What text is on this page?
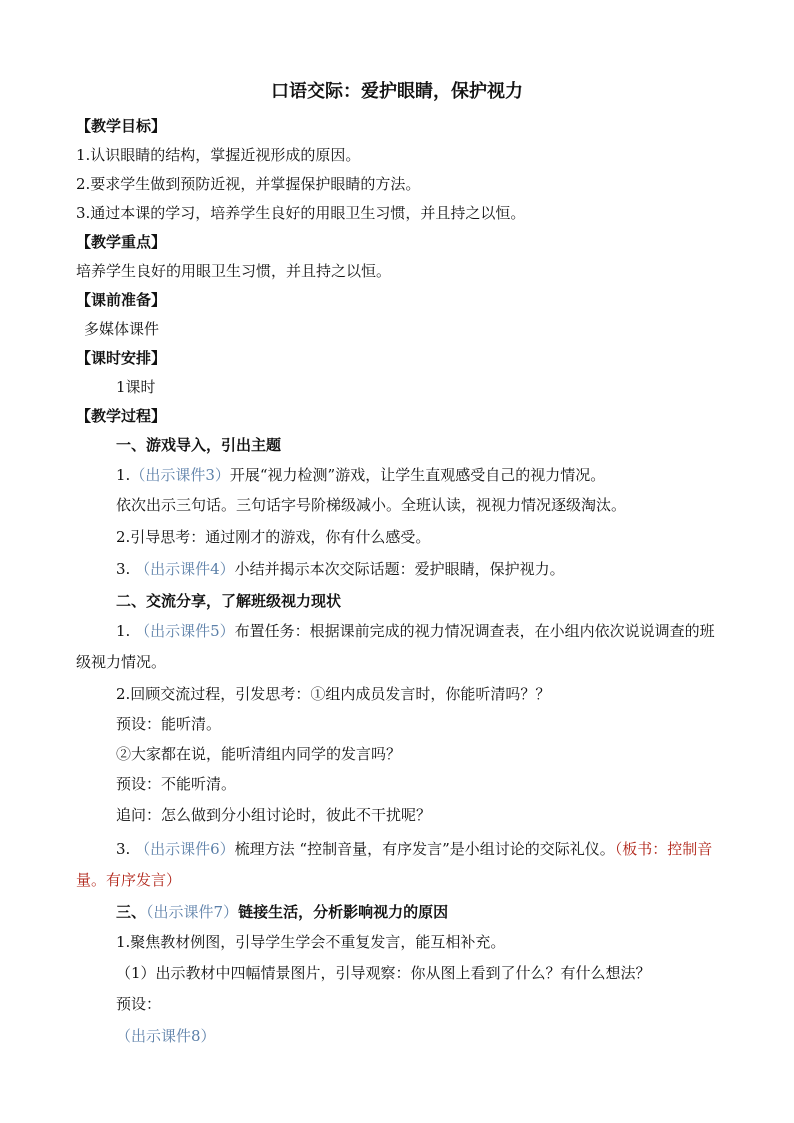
口语交际：爱护眼睛，保护视力
【教学目标】
1.认识眼睛的结构，掌握近视形成的原因。
2.要求学生做到预防近视，并掌握保护眼睛的方法。
3.通过本课的学习，培养学生良好的用眼卫生习惯，并且持之以恒。
【教学重点】
培养学生良好的用眼卫生习惯，并且持之以恒。
【课前准备】
多媒体课件
【课时安排】
1课时
【教学过程】
一、游戏导入，引出主题
1.（出示课件3）开展“视力检测”游戏，让学生直观感受自己的视力情况。
依次出示三句话。三句话字号阶梯级减小。全班认读，视视力情况逐级淘汰。
2.引导思考：通过刚才的游戏，你有什么感受。
3. （出示课件4）小结并揭示本次交际话题：爱护眼睛，保护视力。
二、交流分享，了解班级视力现状
1. （出示课件5）布置任务：根据课前完成的视力情况调查表，在小组内依次说说调查的班级视力情况。
2.回顾交流过程，引发思考：①组内成员发言时，你能听清吗？？
预设：能听清。
②大家都在说，能听清组内同学的发言吗？
预设：不能听清。
追问：怎么做到分小组讨论时，彼此不干扰呢？
3. （出示课件6）梳理方法 “控制音量，有序发言”是小组讨论的交际礼仪。（板书：控制音量。有序发言）
三、（出示课件7）链接生活，分析影响视力的原因
1.聚焦教材例图，引导学生学会不重复发言，能互相补充。
（1）出示教材中四幅情景图片，引导观察：你从图上看到了什么？有什么想法？
预设：
（出示课件8）
